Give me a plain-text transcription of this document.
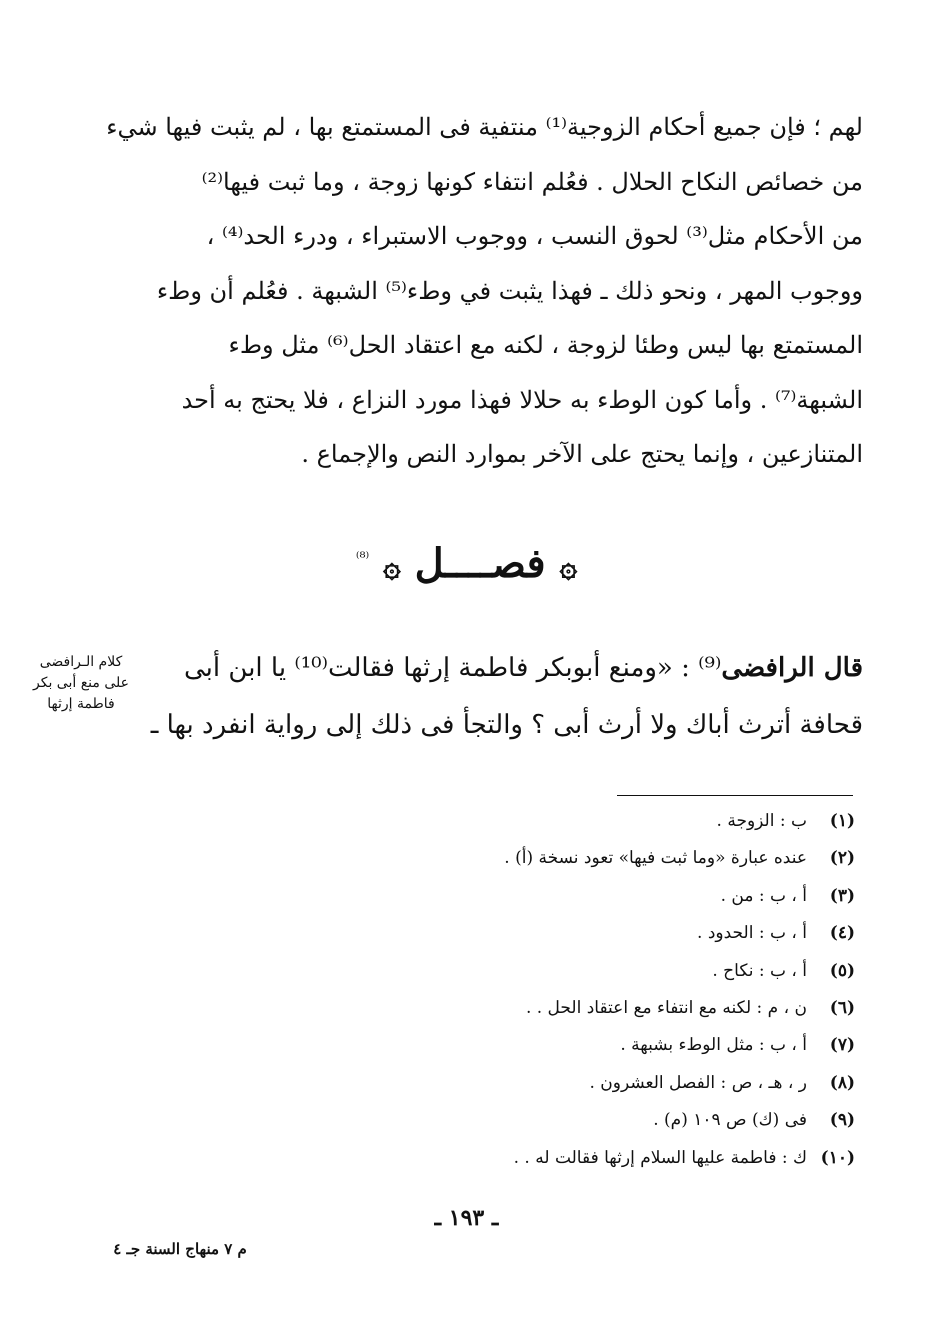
لهم ؛ فإن جميع أحكام الزوجية⁽¹⁾ منتفية فى المستمتع بها ، لم يثبت فيها شيء
من خصائص النكاح الحلال . فعُلم انتفاء كونها زوجة ، وما ثبت فيها⁽²⁾
من الأحكام مثل⁽³⁾ لحوق النسب ، ووجوب الاستبراء ، ودرء الحد⁽⁴⁾ ،
ووجوب المهر ، ونحو ذلك ـ فهذا يثبت في وطء⁽⁵⁾ الشبهة . فعُلم أن وطء
المستمتع بها ليس وطئا لزوجة ، لكنه مع اعتقاد الحل⁽⁶⁾ مثل وطء
الشبهة⁽⁷⁾ . وأما كون الوطء به حلالا فهذا مورد النزاع ، فلا يحتج به أحد
المتنازعين ، وإنما يحتج على الآخر بموارد النص والإجماع .
۞ فصــــل ۞ $^{^{(8)}}$
قال الرافضى⁽⁹⁾ : «ومنع أبوبكر فاطمة إرثها فقالت⁽¹⁰⁾ يا ابن أبى
قحافة أترث أباك ولا أرث أبى ؟ والتجأ فى ذلك إلى رواية انفرد بها ـ
كلام الـرافضى
على منع أبى بكر
فاطمة إرثها
(١)ب : الزوجة .
(٢)عنده عبارة «وما ثبت فيها» تعود نسخة (أ) .
(٣)أ ، ب : من .
(٤)أ ، ب : الحدود .
(٥)أ ، ب : نكاح .
(٦)ن ، م : لكنه مع انتفاء مع اعتقاد الحل . .
(٧)أ ، ب : مثل الوطء بشبهة .
(٨)ر ، هـ ، ص : الفصل العشرون .
(٩)فى (ك) ص ١٠٩ (م) .
(١٠)ك : فاطمة عليها السلام إرثها فقالت له . .
ـ ١٩٣ ـ
م ٧ منهاج السنة جـ ٤
